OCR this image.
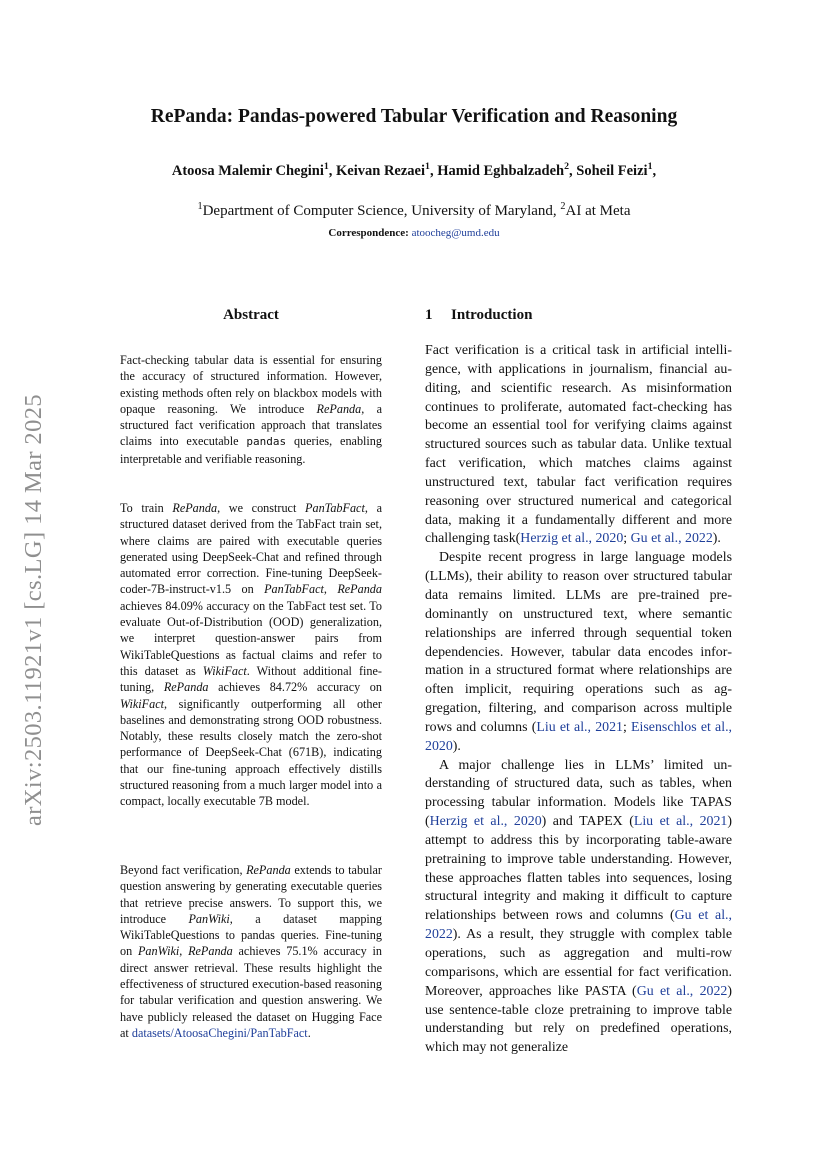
arXiv:2503.11921v1 [cs.LG] 14 Mar 2025
RePanda: Pandas-powered Tabular Verification and Reasoning
Atoosa Malemir Chegini$^1$, Keivan Rezaei$^1$, Hamid Eghbalzadeh$^2$, Soheil Feizi$^1$,
$^1$Department of Computer Science, University of Maryland, $^2$AI at Meta
Correspondence: atoocheg@umd.edu
Abstract

Fact-checking tabular data is essential for ensuring the accuracy of structured information. However, existing methods often rely on blackbox models with opaque reasoning. We introduce RePanda, a structured fact verification approach that translates claims into executable pandas queries, enabling interpretable and verifiable reasoning.

To train RePanda, we construct PanTabFact, a structured dataset derived from the TabFact train set, where claims are paired with executable queries generated using DeepSeek-Chat and refined through automated error correction. Fine-tuning DeepSeek-coder-7B-instruct-v1.5 on PanTabFact, RePanda achieves 84.09% accuracy on the TabFact test set. To evaluate Out-of-Distribution (OOD) generalization, we interpret question-answer pairs from WikiTableQuestions as factual claims and refer to this dataset as WikiFact. Without additional fine-tuning, RePanda achieves 84.72% accuracy on WikiFact, significantly outperforming all other baselines and demonstrating strong OOD robustness. Notably, these results closely match the zero-shot performance of DeepSeek-Chat (671B), indicating that our fine-tuning approach effectively distills structured reasoning from a much larger model into a compact, locally executable 7B model.

Beyond fact verification, RePanda extends to tabular question answering by generating executable queries that retrieve precise answers. To support this, we introduce PanWiki, a dataset mapping WikiTableQuestions to pandas queries. Fine-tuning on PanWiki, RePanda achieves 75.1% accuracy in direct answer retrieval. These results highlight the effectiveness of structured execution-based reasoning for tabular verification and question answering. We have publicly released the dataset on Hugging Face at datasets/AtoosaChegini/PanTabFact.

1 Introduction

Fact verification is a critical task in artificial intelligence, with applications in journalism, financial auditing, and scientific research. As misinformation continues to proliferate, automated fact-checking has become an essential tool for verifying claims against structured sources such as tabular data. Unlike textual fact verification, which matches claims against unstructured text, tabular fact verification requires reasoning over structured numerical and categorical data, making it a fundamentally different and more challenging task(Herzig et al., 2020; Gu et al., 2022).

Despite recent progress in large language models (LLMs), their ability to reason over structured tabular data remains limited. LLMs are pre-trained predominantly on unstructured text, where semantic relationships are inferred through sequential token dependencies. However, tabular data encodes information in a structured format where relationships are often implicit, requiring operations such as aggregation, filtering, and comparison across multiple rows and columns (Liu et al., 2021; Eisenschlos et al., 2020).

A major challenge lies in LLMs’ limited understanding of structured data, such as tables, when processing tabular information. Models like TAPAS (Herzig et al., 2020) and TAPEX (Liu et al., 2021) attempt to address this by incorporating table-aware pretraining to improve table understanding. However, these approaches flatten tables into sequences, losing structural integrity and making it difficult to capture relationships between rows and columns (Gu et al., 2022). As a result, they struggle with complex table operations, such as aggregation and multi-row comparisons, which are essential for fact verification. Moreover, approaches like PASTA (Gu et al., 2022) use sentence-table cloze pretraining to improve table understanding but rely on predefined operations, which may not generalize
